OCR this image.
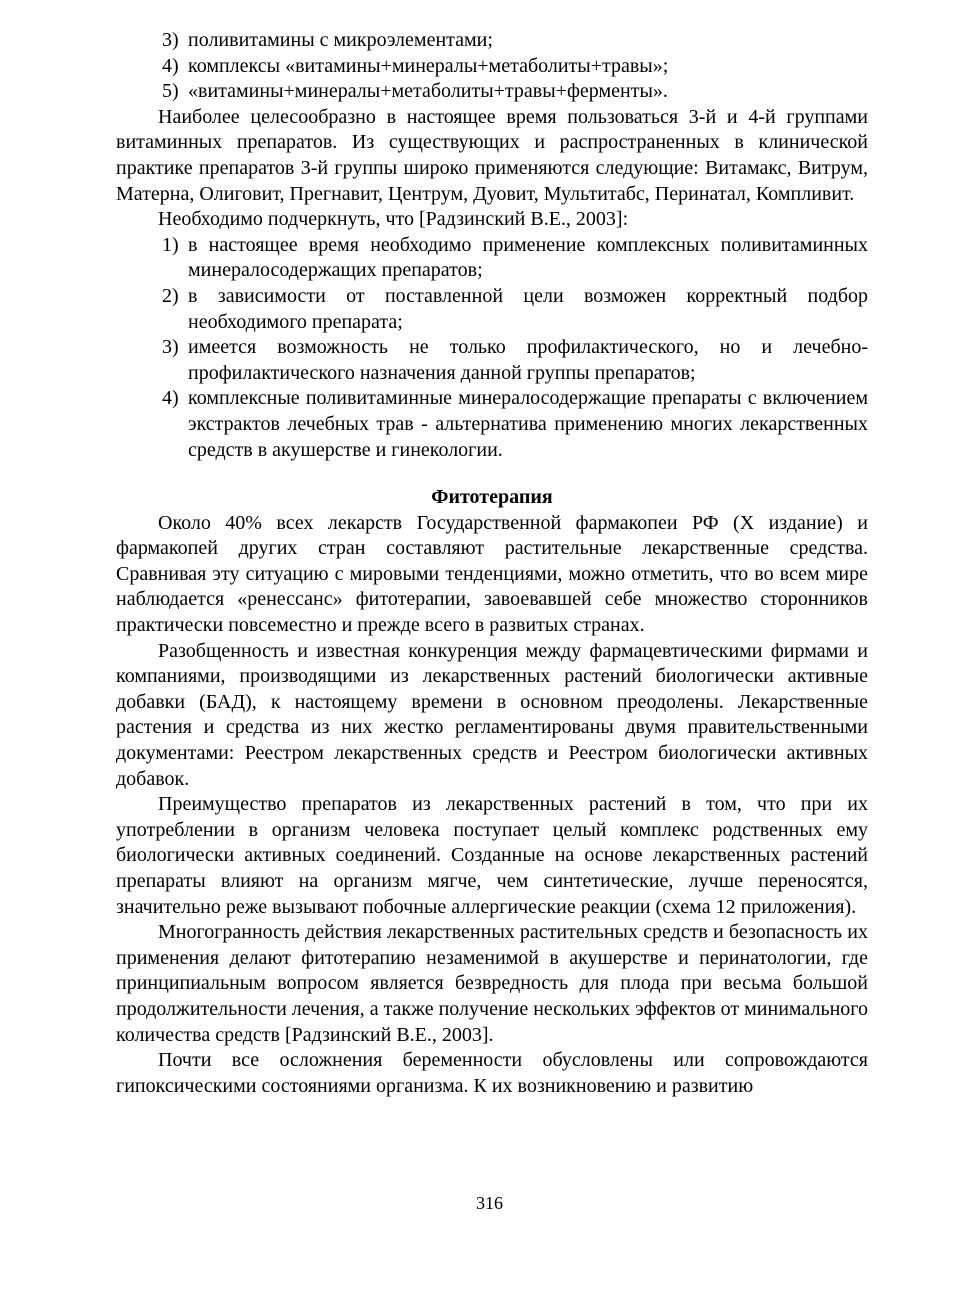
3) поливитамины с микроэлементами;
4) комплексы «витамины+минералы+метаболиты+травы»;
5) «витамины+минералы+метаболиты+травы+ферменты».

Наиболее целесообразно в настоящее время пользоваться 3-й и 4-й группами витаминных препаратов. Из существующих и распространенных в клинической практике препаратов 3-й группы широко применяются следующие: Витамакс, Витрум, Матерна, Олиговит, Прегнавит, Центрум, Дуовит, Мультитабс, Перинатал, Компливит.

Необходимо подчеркнуть, что [Радзинский В.Е., 2003]:

1) в настоящее время необходимо применение комплексных поливитаминных минералосодержащих препаратов;
2) в зависимости от поставленной цели возможен корректный подбор необходимого препарата;
3) имеется возможность не только профилактического, но и лечебно-профилактического назначения данной группы препаратов;
4) комплексные поливитаминные минералосодержащие препараты с включением экстрактов лечебных трав - альтернатива применению многих лекарственных средств в акушерстве и гинекологии.
Фитотерапия

Около 40% всех лекарств Государственной фармакопеи РФ (Х издание) и фармакопей других стран составляют растительные лекарственные средства. Сравнивая эту ситуацию с мировыми тенденциями, можно отметить, что во всем мире наблюдается «ренессанс» фитотерапии, завоевавшей себе множество сторонников практически повсеместно и прежде всего в развитых странах.

Разобщенность и известная конкуренция между фармацевтическими фирмами и компаниями, производящими из лекарственных растений биологически активные добавки (БАД), к настоящему времени в основном преодолены. Лекарственные растения и средства из них жестко регламентированы двумя правительственными документами: Реестром лекарственных средств и Реестром биологически активных добавок.

Преимущество препаратов из лекарственных растений в том, что при их употреблении в организм человека поступает целый комплекс родственных ему биологически активных соединений. Созданные на основе лекарственных растений препараты влияют на организм мягче, чем синтетические, лучше переносятся, значительно реже вызывают побочные аллергические реакции (схема 12 приложения).

Многогранность действия лекарственных растительных средств и безопасность их применения делают фитотерапию незаменимой в акушерстве и перинатологии, где принципиальным вопросом является безвредность для плода при весьма большой продолжительности лечения, а также получение нескольких эффектов от минимального количества средств [Радзинский В.Е., 2003].

Почти все осложнения беременности обусловлены или сопровождаются гипоксическими состояниями организма. К их возникновению и развитию

316
